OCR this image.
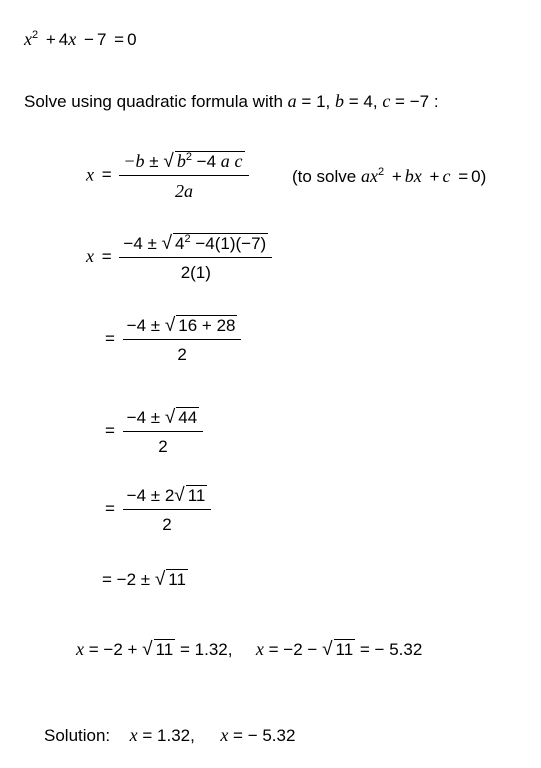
$x^2 + 4x - 7 = 0$
Solve using quadratic formula with a = 1, b = 4, c = −7 :
$x = \frac{-b \pm √ b^2 -4 a c}{2a}$	(to solve $ax^2$ + bx + c = 0)
$x = \frac{-4 \pm √ 4^2 -4(1)(-7)}{2(1)}$
= $\frac{-4 \pm √ 16 + 28}{2}$
= $\frac{-4 \pm √ 44}{2}$
= $\frac{-4 \pm 2√ 11}{2}$
= −2 ± √ 11
x = −2 + √ 11 = 1.32, x = −2 − √ 11 = − 5.32
Solution: x = 1.32, x = − 5.32
